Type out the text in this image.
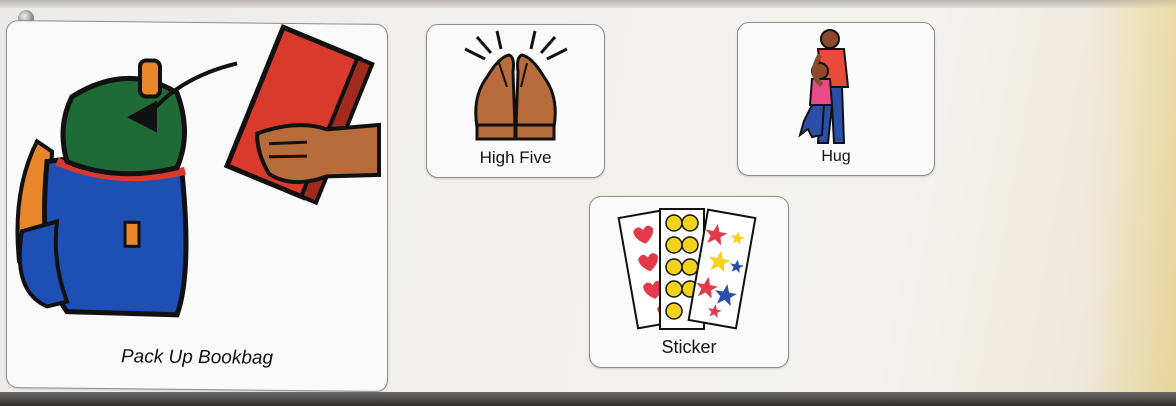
Pack Up Bookbag
High Five	Hug
Sticker
